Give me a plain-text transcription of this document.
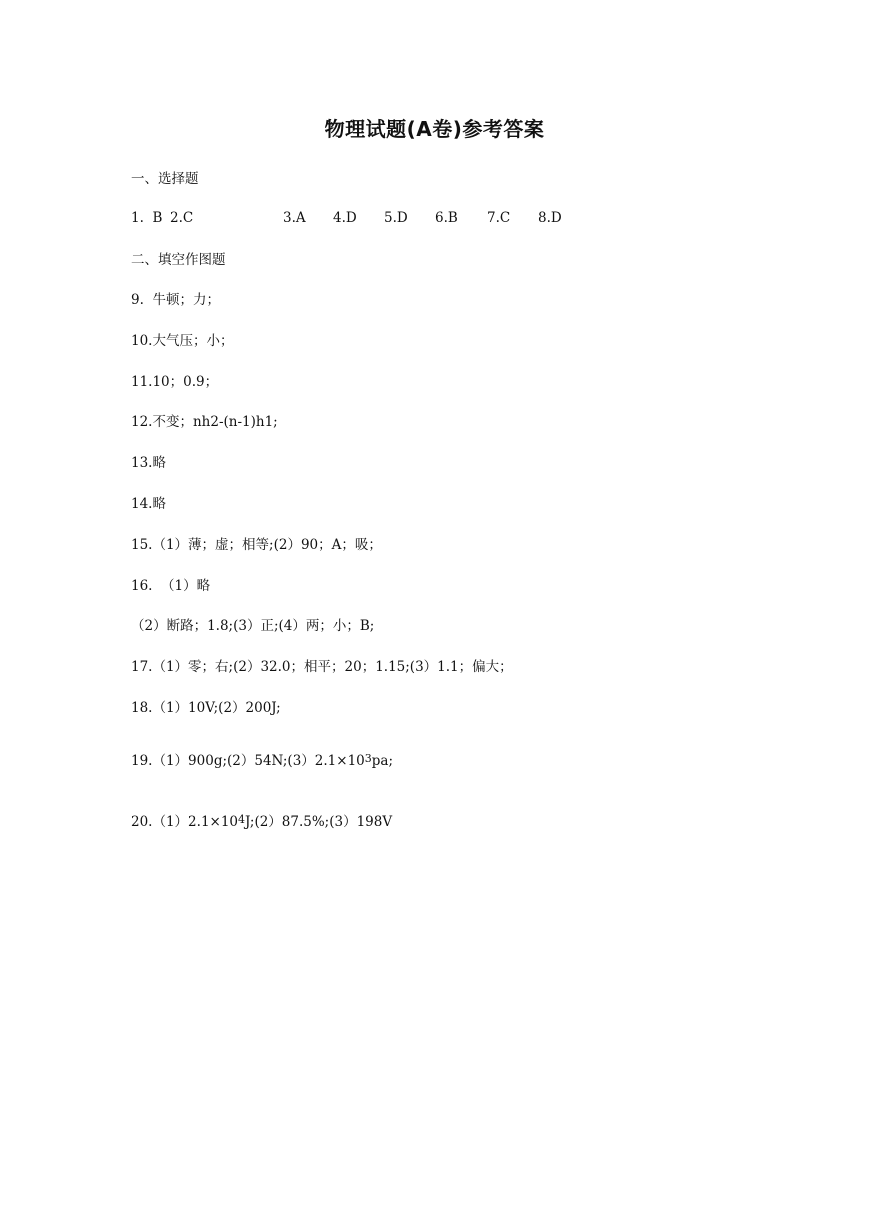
物理试题(A卷)参考答案
一、选择题
1.  B 2.C	3.A 4.D 5.D 6.B 7.C 8.D
二、填空作图题
9.  牛顿；力；
10.大气压；小；
11.10；0.9；
12.不变；nh2-(n-1)h1;
13.略
14.略
15.（1）薄；虚；相等;(2）90；A；吸；
16.  （1）略
（2）断路；1.8;(3）正;(4）两；小；B;
17.（1）零；右;(2）32.0；相平；20；1.15;(3）1.1；偏大；
18.（1）10V;(2）200J;
$19.(1)900g;(2)54N;(3)2.1\times 10^3pa$;
$20.(1)2.1\times 10^4J;(2)87.5\%;(3)198V$
